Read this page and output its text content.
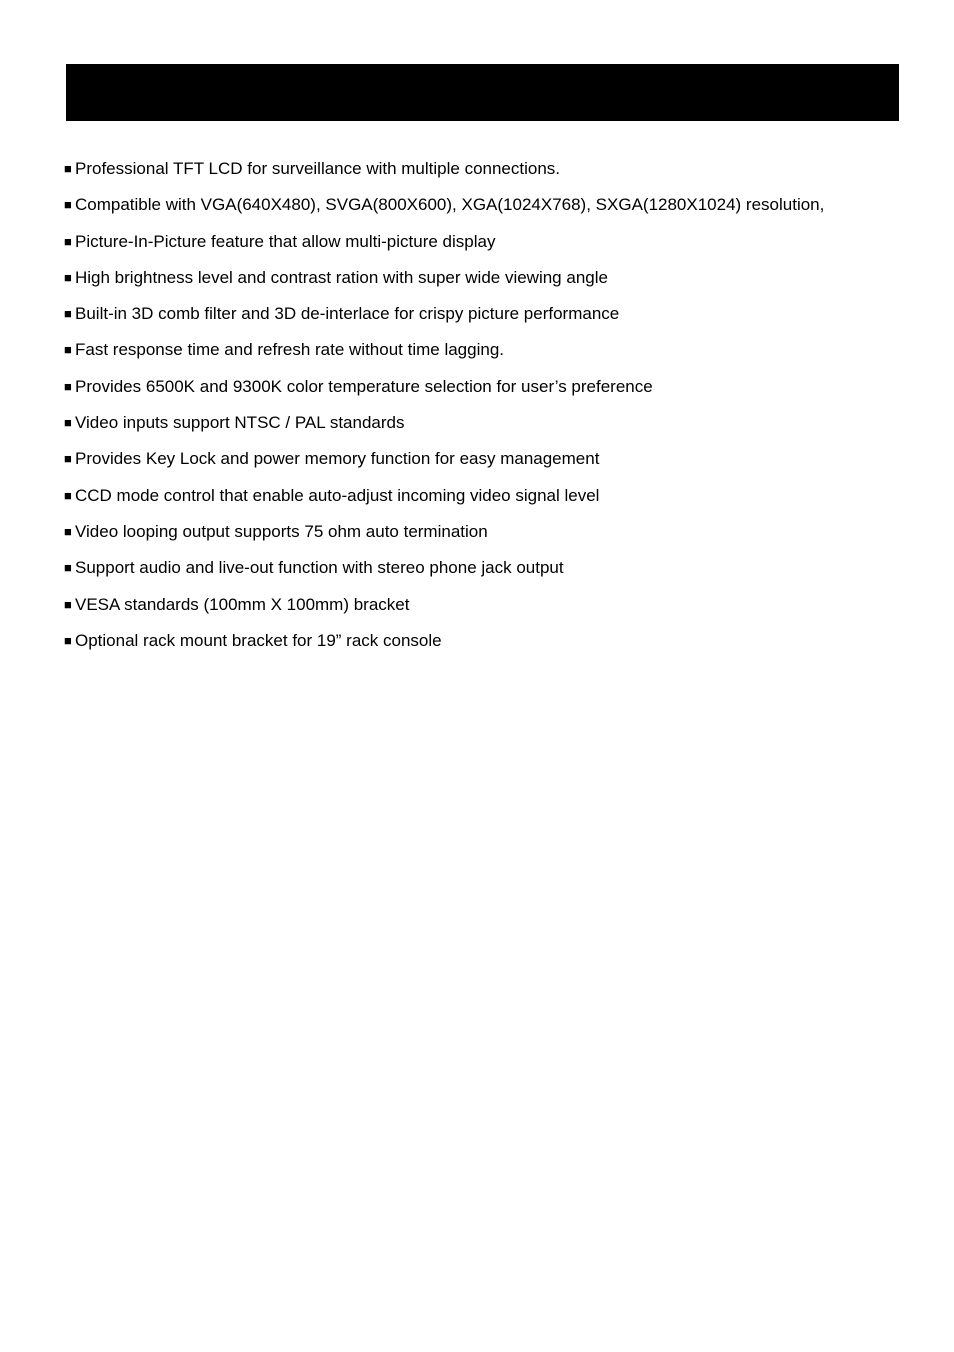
■ Professional TFT LCD for surveillance with multiple connections.
■ Compatible with VGA(640X480), SVGA(800X600), XGA(1024X768), SXGA(1280X1024) resolution,
■ Picture-In-Picture feature that allow multi-picture display
■ High brightness level and contrast ration with super wide viewing angle
■ Built-in 3D comb filter and 3D de-interlace for crispy picture performance
■ Fast response time and refresh rate without time lagging.
■ Provides 6500K and 9300K color temperature selection for user’s preference
■ Video inputs support NTSC / PAL standards
■ Provides Key Lock and power memory function for easy management
■ CCD mode control that enable auto-adjust incoming video signal level
■ Video looping output supports 75 ohm auto termination
■ Support audio and live-out function with stereo phone jack output
■ VESA standards (100mm X 100mm) bracket
■ Optional rack mount bracket for 19” rack console
